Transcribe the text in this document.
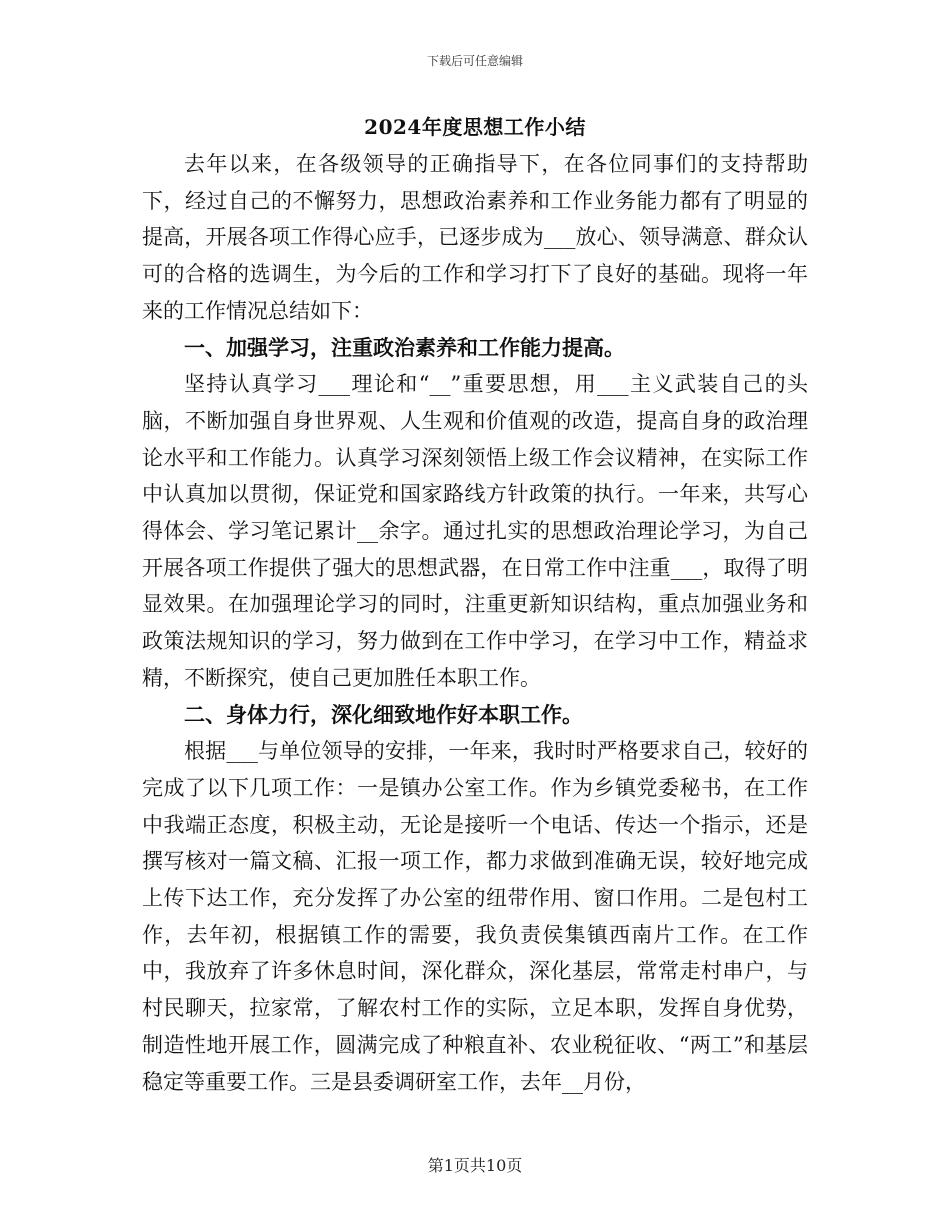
下载后可任意编辑
2024年度思想工作小结

去年以来，在各级领导的正确指导下，在各位同事们的支持帮助下，经过自己的不懈努力，思想政治素养和工作业务能力都有了明显的提高，开展各项工作得心应手，已逐步成为___放心、领导满意、群众认可的合格的选调生，为今后的工作和学习打下了良好的基础。现将一年来的工作情况总结如下：

一、加强学习，注重政治素养和工作能力提高。

坚持认真学习___理论和“__”重要思想，用___主义武装自己的头脑，不断加强自身世界观、人生观和价值观的改造，提高自身的政治理论水平和工作能力。认真学习深刻领悟上级工作会议精神，在实际工作中认真加以贯彻，保证党和国家路线方针政策的执行。一年来，共写心得体会、学习笔记累计__余字。通过扎实的思想政治理论学习，为自己开展各项工作提供了强大的思想武器，在日常工作中注重___，取得了明显效果。在加强理论学习的同时，注重更新知识结构，重点加强业务和政策法规知识的学习，努力做到在工作中学习，在学习中工作，精益求精，不断探究，使自己更加胜任本职工作。

二、身体力行，深化细致地作好本职工作。

根据___与单位领导的安排，一年来，我时时严格要求自己，较好的完成了以下几项工作：一是镇办公室工作。作为乡镇党委秘书，在工作中我端正态度，积极主动，无论是接听一个电话、传达一个指示，还是撰写核对一篇文稿、汇报一项工作，都力求做到准确无误，较好地完成上传下达工作，充分发挥了办公室的纽带作用、窗口作用。二是包村工作，去年初，根据镇工作的需要，我负责侯集镇西南片工作。在工作中，我放弃了许多休息时间，深化群众，深化基层，常常走村串户，与村民聊天，拉家常，了解农村工作的实际，立足本职，发挥自身优势，制造性地开展工作，圆满完成了种粮直补、农业税征收、“两工”和基层稳定等重要工作。三是县委调研室工作，去年__月份，

第1页共10页
